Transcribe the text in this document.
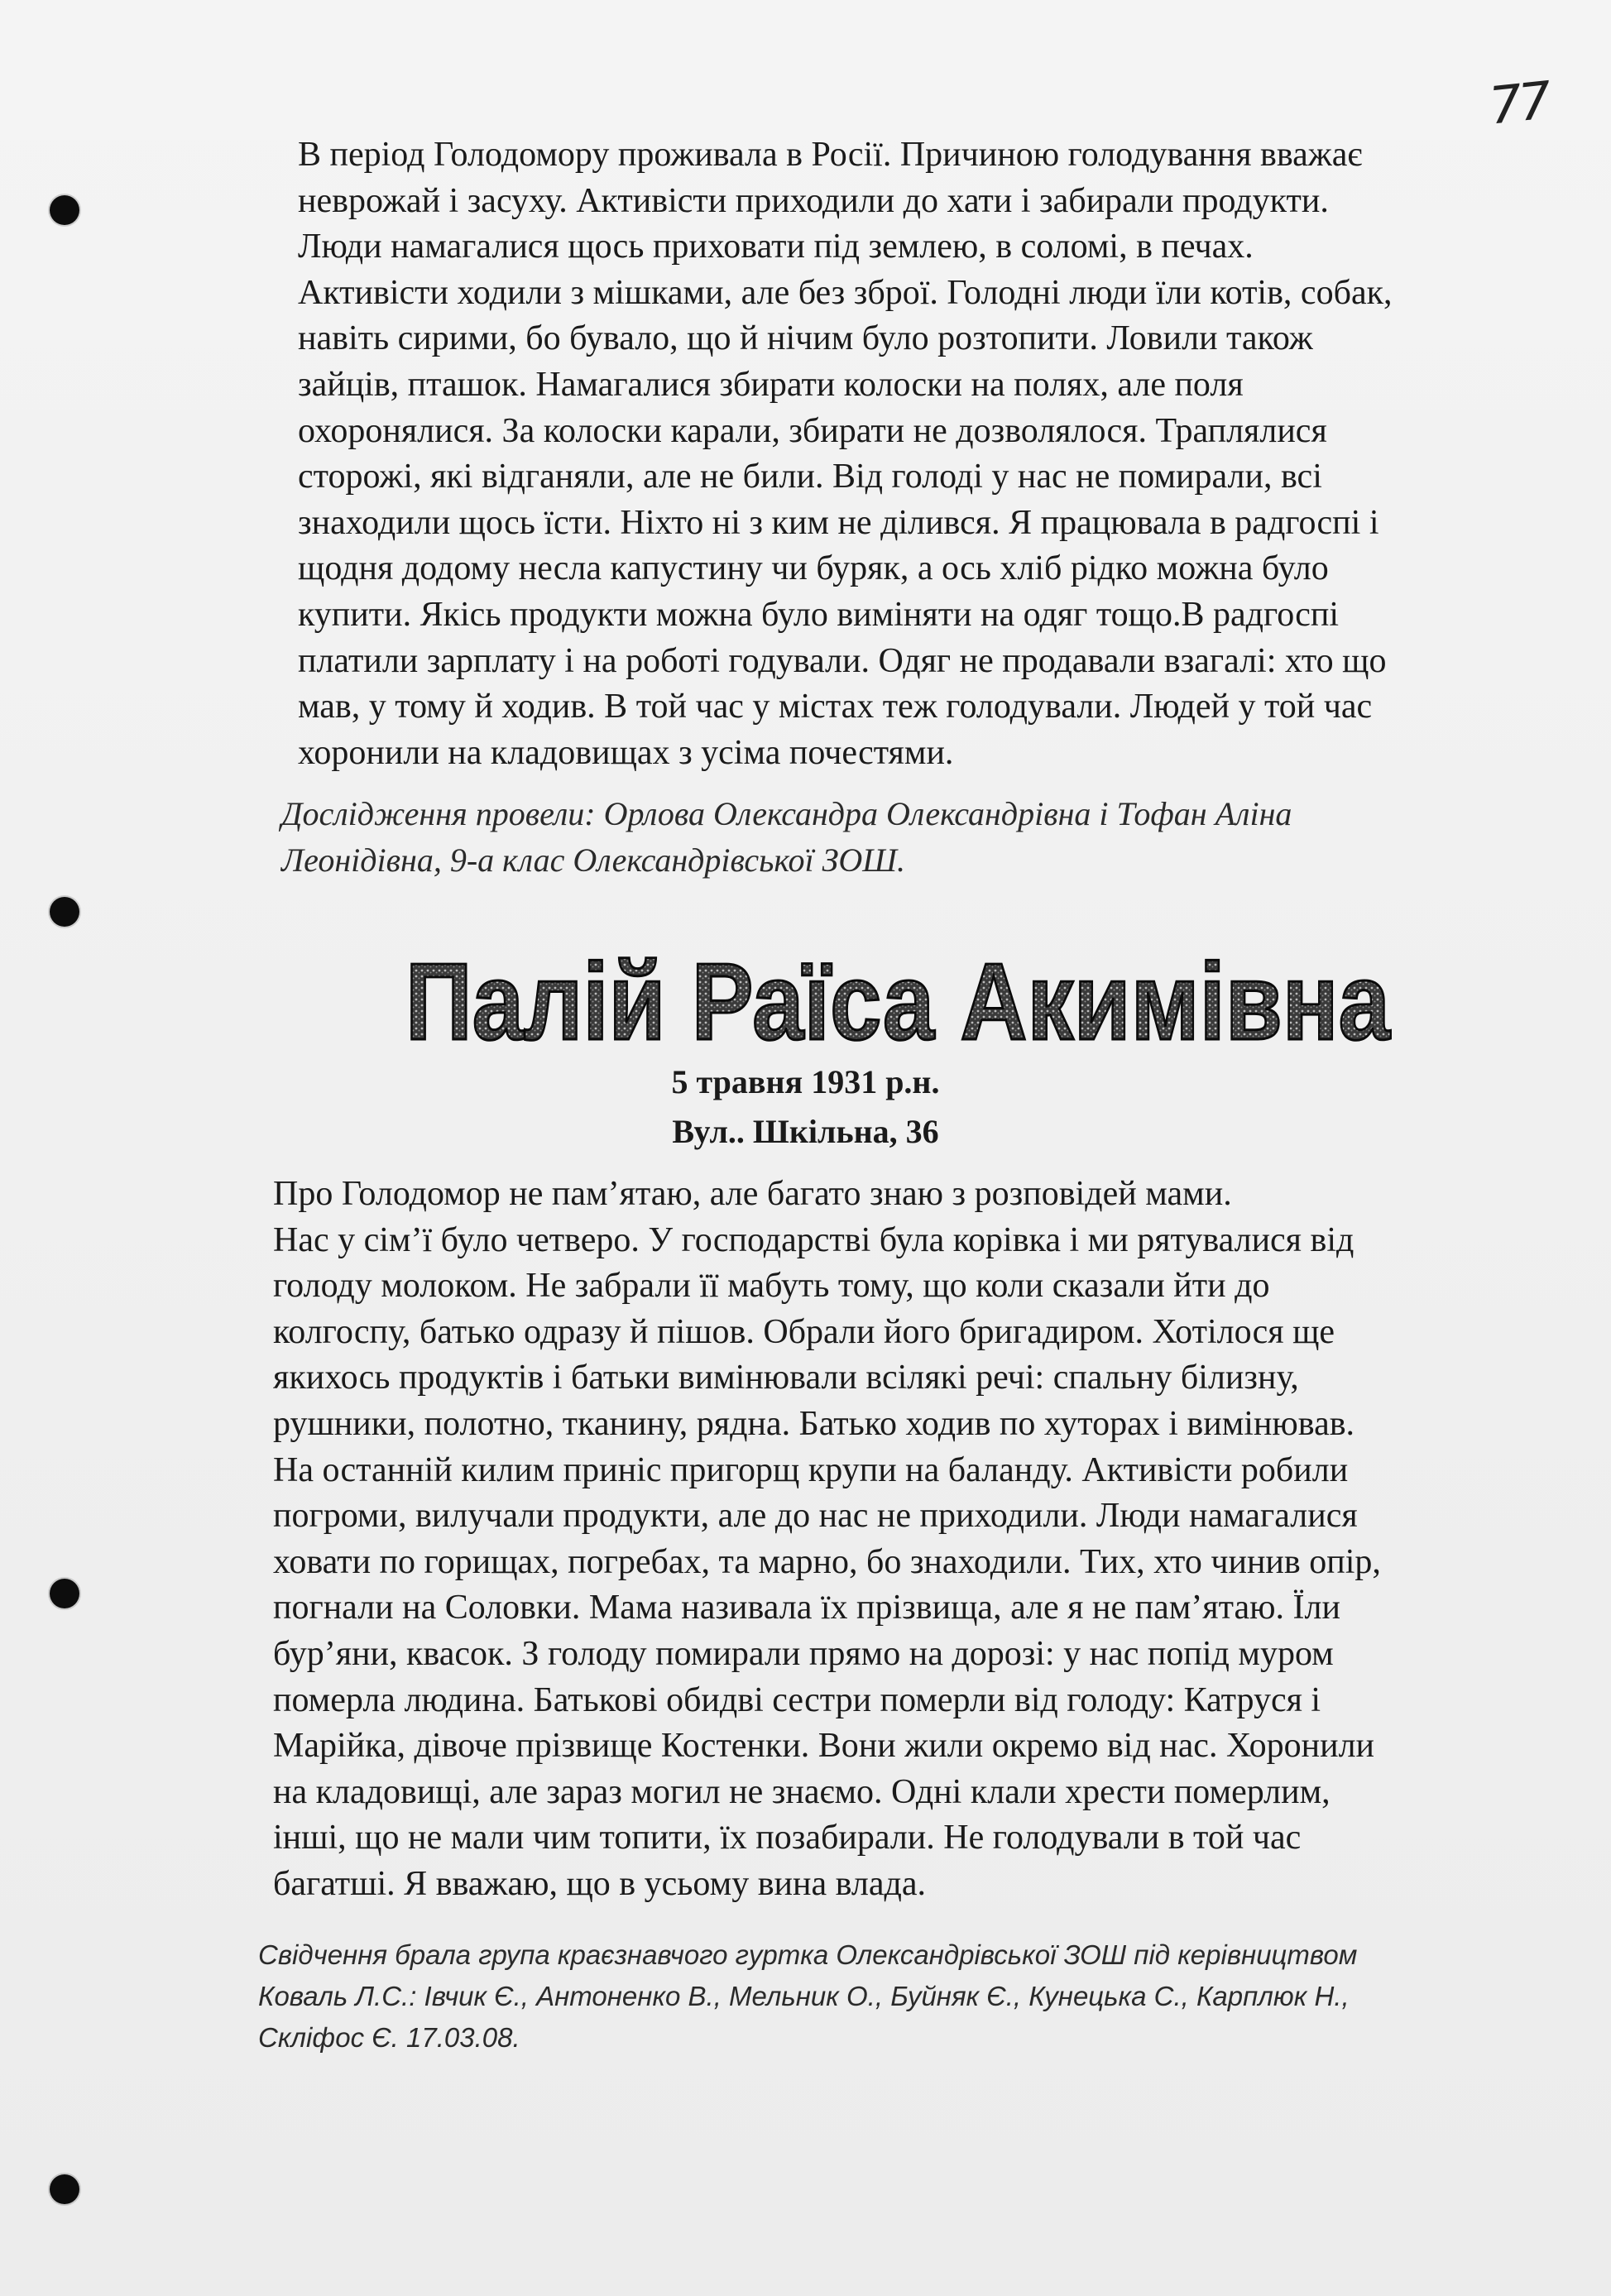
77
В період Голодомору проживала в Росії. Причиною голодування вважає
неврожай і засуху. Активісти приходили до хати і забирали продукти.
Люди намагалися щось приховати під землею, в соломі, в печах.
Активісти ходили з мішками, але без зброї. Голодні люди їли котів, собак,
навіть сирими, бо бувало, що й нічим було розтопити. Ловили також
зайців, пташок. Намагалися збирати колоски на полях, але поля
охоронялися. За колоски карали, збирати не дозволялося. Траплялися
сторожі, які відганяли, але не били. Від голоді у нас не помирали, всі
знаходили щось їсти. Ніхто ні з ким не ділився. Я працювала в радгоспі і
щодня додому несла капустину чи буряк, а ось хліб рідко можна було
купити. Якісь продукти можна було виміняти на одяг тощо.В радгоспі
платили зарплату і на роботі годували. Одяг не продавали взагалі: хто що
мав, у тому й ходив. В той час у містах теж голодували. Людей у той час
хоронили на кладовищах з усіма почестями.
Дослідження провели: Орлова Олександра Олександрівна і Тофан Аліна
Леонідівна, 9-а клас Олександрівської ЗОШ.
Палій Раїса Акимівна
5 травня 1931 р.н.
Вул.. Шкільна, 36
Про Голодомор не пам’ятаю, але багато знаю з розповідей мами.
Нас у сім’ї було четверо. У господарстві була корівка і ми рятувалися від
голоду молоком. Не забрали її мабуть тому, що коли сказали йти до
колгоспу, батько одразу й пішов. Обрали його бригадиром. Хотілося ще
якихось продуктів і батьки вимінювали всілякі речі: спальну білизну,
рушники, полотно, тканину, рядна. Батько ходив по хуторах і вимінював.
На останній килим приніс пригорщ крупи на баланду. Активісти робили
погроми, вилучали продукти, але до нас не приходили. Люди намагалися
ховати по горищах, погребах, та марно, бо знаходили. Тих, хто чинив опір,
погнали на Соловки. Мама називала їх прізвища, але я не пам’ятаю. Їли
бур’яни, квасок. З голоду помирали прямо на дорозі: у нас попід муром
померла людина. Батькові обидві сестри померли від голоду: Катруся і
Марійка, дівоче прізвище Костенки. Вони жили окремо від нас. Хоронили
на кладовищі, але зараз могил не знаємо. Одні клали хрести померлим,
інші, що не мали чим топити, їх позабирали. Не голодували в той час
багатші. Я вважаю, що в усьому вина влада.
Свідчення брала група краєзнавчого гуртка Олександрівської ЗОШ під керівництвом
Коваль Л.С.: Івчик Є., Антоненко В., Мельник О., Буйняк Є., Кунецька С., Карплюк Н.,
Скліфос Є. 17.03.08.
